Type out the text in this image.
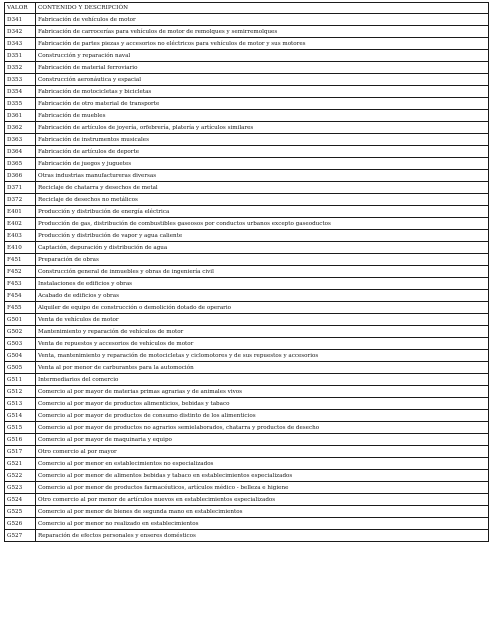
VALOR	CONTENIDO Y DESCRIPCIÓN
D341	Fabricación de vehículos de motor
D342	Fabricación de carrocerías para vehículos de motor de remolques y semirremolques
D343	Fabricación de partes piezas y accesorios no eléctricos para vehículos de motor y sus motores
D351	Construcción y reparación naval
D352	Fabricación de material ferroviario
D353	Construcción aeronáutica y espacial
D354	Fabricación de motocicletas y bicicletas
D355	Fabricación de otro material de transporte
D361	Fabricación de muebles
D362	Fabricación de artículos de joyería, orfebrería, platería y artículos similares
D363	Fabricación de instrumentos musicales
D364	Fabricación de artículos de deporte
D365	Fabricación de juegos y juguetes
D366	Otras industrias manufactureras diversas
D371	Reciclaje de chatarra y desechos de metal
D372	Reciclaje de desechos no metálicos
E401	Producción y distribución de energía eléctrica
E402	Producción de gas, distribución de combustibles gaseosos por conductos urbanos excepto gaseoductos
E403	Producción y distribución de vapor y agua caliente
E410	Captación, depuración y distribución de agua
F451	Preparación de obras
F452	Construcción general de inmuebles y obras de ingeniería civil
F453	Instalaciones de edificios y obras
F454	Acabado de edificios y obras
F455	Alquiler de equipo de construcción o demolición dotado de operario
G501	Venta de vehículos de motor
G502	Mantenimiento y reparación de vehículos de motor
G503	Venta de repuestos y accesorios de vehículos de motor
G504	Venta, mantenimiento y reparación de motocicletas y ciclomotores y de sus repuestos y accesorios
G505	Venta al por menor de carburantes para la automoción
G511	Intermediarios del comercio
G512	Comercio al por mayor de materias primas agrarias y de animales vivos
G513	Comercio al por mayor de productos alimenticios, bebidas y tabaco
G514	Comercio al por mayor de productos de consumo distinto de los alimenticios
G515	Comercio al por mayor de productos no agrarios semielaborados, chatarra y productos de desecho
G516	Comercio al por mayor de maquinaria y equipo
G517	Otro comercio al por mayor
G521	Comercio al por menor en establecimientos no especializados
G522	Comercio al por menor de alimentos bebidas y tabaco en establecimientos especializados
G523	Comercio al por menor de productos farmacéuticos, artículos médico - belleza e higiene
G524	Otro comercio al por menor de artículos nuevos en establecimientos especializados
G525	Comercio al por menor de bienes de segunda mano en establecimientos
G526	Comercio al por menor no realizado en establecimientos
G527	Reparación de efectos personales y enseres domésticos
